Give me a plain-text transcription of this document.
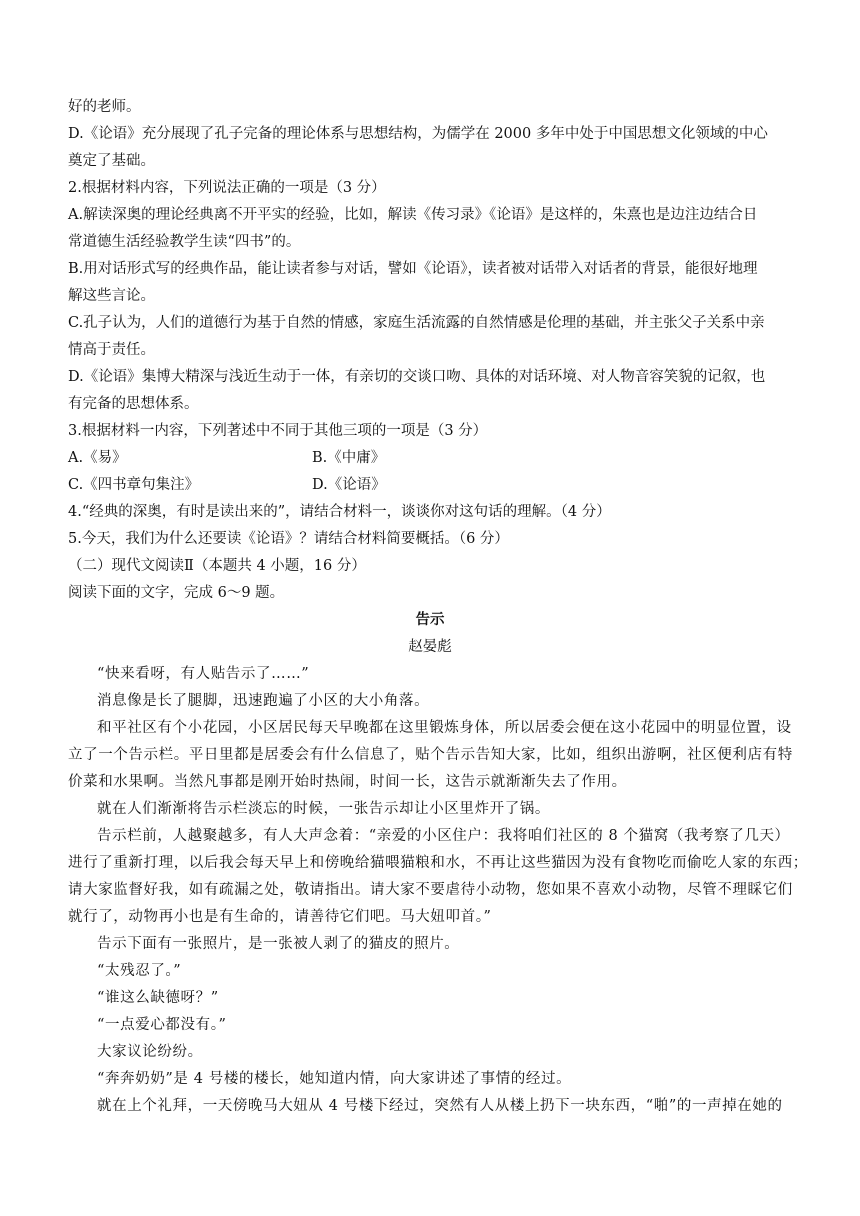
好的老师。

D.《论语》充分展现了孔子完备的理论体系与思想结构，为儒学在 2000 多年中处于中国思想文化领域的中心

奠定了基础。

2.根据材料内容，下列说法正确的一项是（3 分）

A.解读深奥的理论经典离不开平实的经验，比如，解读《传习录》《论语》是这样的，朱熹也是边注边结合日

常道德生活经验教学生读“四书”的。

B.用对话形式写的经典作品，能让读者参与对话，譬如《论语》，读者被对话带入对话者的背景，能很好地理

解这些言论。

C.孔子认为，人们的道德行为基于自然的情感，家庭生活流露的自然情感是伦理的基础，并主张父子关系中亲

情高于责任。

D.《论语》集博大精深与浅近生动于一体，有亲切的交谈口吻、具体的对话环境、对人物音容笑貌的记叙，也

有完备的思想体系。

3.根据材料一内容，下列著述中不同于其他三项的一项是（3 分）

A.《易》	B.《中庸》
C.《四书章句集注》	D.《论语》

4.“经典的深奥，有时是读出来的”，请结合材料一，谈谈你对这句话的理解。（4 分）

5.今天，我们为什么还要读《论语》？请结合材料简要概括。（6 分）

（二）现代文阅读Ⅱ（本题共 4 小题，16 分）

阅读下面的文字，完成 6～9 题。

告示

赵晏彪

“快来看呀，有人贴告示了……”

消息像是长了腿脚，迅速跑遍了小区的大小角落。

和平社区有个小花园，小区居民每天早晚都在这里锻炼身体，所以居委会便在这小花园中的明显位置，设

立了一个告示栏。平日里都是居委会有什么信息了，贴个告示告知大家，比如，组织出游啊，社区便利店有特

价菜和水果啊。当然凡事都是刚开始时热闹，时间一长，这告示就渐渐失去了作用。

就在人们渐渐将告示栏淡忘的时候，一张告示却让小区里炸开了锅。

告示栏前，人越聚越多，有人大声念着：“亲爱的小区住户：我将咱们社区的 8 个猫窝（我考察了几天）

进行了重新打理，以后我会每天早上和傍晚给猫喂猫粮和水，不再让这些猫因为没有食物吃而偷吃人家的东西；

请大家监督好我，如有疏漏之处，敬请指出。请大家不要虐待小动物，您如果不喜欢小动物，尽管不理睬它们

就行了，动物再小也是有生命的，请善待它们吧。马大妞叩首。”

告示下面有一张照片，是一张被人剥了的猫皮的照片。

“太残忍了。”

“谁这么缺德呀？”

“一点爱心都没有。”

大家议论纷纷。

“奔奔奶奶”是 4 号楼的楼长，她知道内情，向大家讲述了事情的经过。

就在上个礼拜，一天傍晚马大妞从 4 号楼下经过，突然有人从楼上扔下一块东西，“啪”的一声掉在她的
